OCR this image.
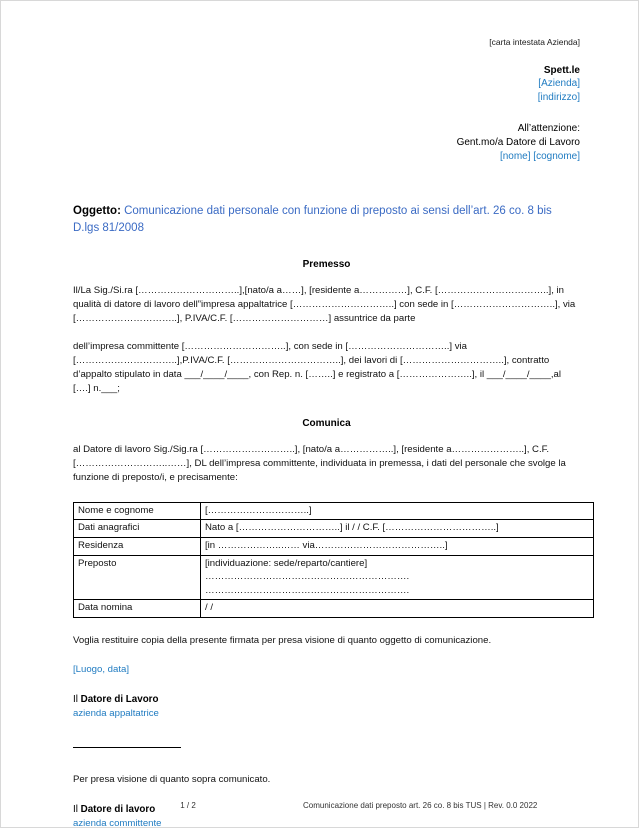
[carta intestata Azienda]
Spett.le
[Azienda]
[indirizzo]
All’attenzione:
Gent.mo/a Datore di Lavoro
[nome] [cognome]
Oggetto: Comunicazione dati personale con funzione di preposto ai sensi dell’art. 26 co. 8 bis D.lgs 81/2008
Premesso

Il/La Sig./Si.ra […………………………..],[nato/a a……], [residente a……………], C.F. [……………………………..], in qualità di datore di lavoro dell”impresa appaltatrice […………………………..] con sede in […………………………..], via […………………………..], P.IVA/C.F. […………………………] assuntrice da parte

dell’impresa committente […………………………..], con sede in […………………………..] via […………………………..],P.IVA/C.F. [……………………………..], dei lavori di […………………………..], contratto d’appalto stipulato in data ___/____/____, con Rep. n. [……..] e registrato a […………………..], il ___/____/____,al [….] n.___;

Comunica

al Datore di lavoro Sig./Sig.ra [………………………..], [nato/a a……………..], [residente a…………………..], C.F. [………………………..……], DL dell’impresa committente, individuata in premessa, i dati del personale che svolge la funzione di preposto/i, e precisamente:

Nome e cognome	[…………………………..]

Dati anagrafici	Nato a […………………………..] il / / C.F. [……………………………..]

Residenza	[in ………………..…… via…………………………………..]

Preposto	[individuazione: sede/reparto/cantiere]
……………………………………………………….
……………………………………………………….

Data nomina	/ /
Voglia restituire copia della presente firmata per presa visione di quanto oggetto di comunicazione.
[Luogo, data]
Il Datore di Lavoro
azienda appaltatrice
Per presa visione di quanto sopra comunicato.
Il Datore di lavoro
azienda committente
1 / 2	Comunicazione dati preposto art. 26 co. 8 bis TUS | Rev. 0.0 2022
